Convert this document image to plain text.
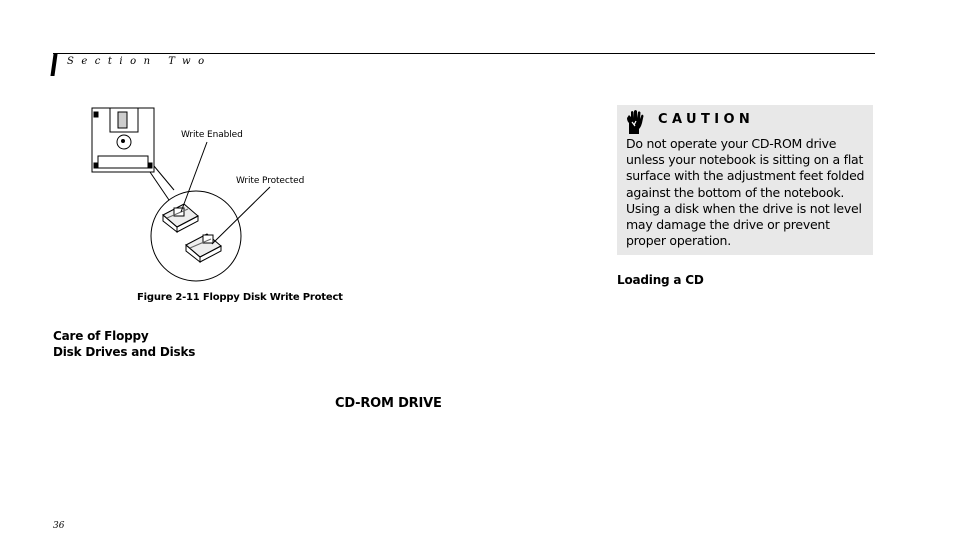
Section Two
Write Enabled
Write Protected
Figure 2-11 Floppy Disk Write Protect
Care of Floppy
Disk Drives and Disks
CD-ROM DRIVE
CAUTION
Do not operate your CD-ROM drive unless your notebook is sitting on a flat surface with the adjustment feet folded against the bottom of the notebook. Using a disk when the drive is not level may damage the drive or prevent proper operation.
Loading a CD
36
